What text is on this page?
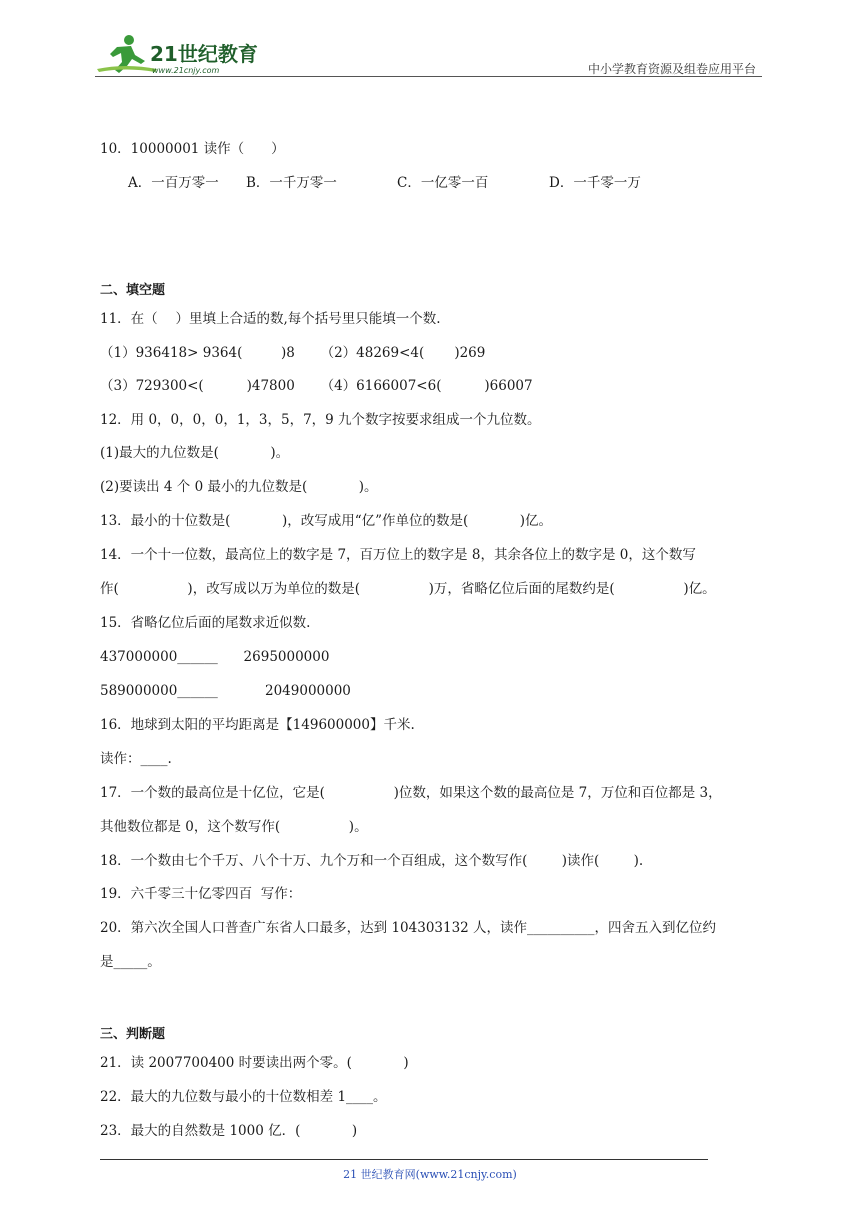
21世纪教育
www.21cnjy.com	中小学教育资源及组卷应用平台
10．10000001 读作（　　）
A．一百万零一 B．一千万零一	C．一亿零一百	D．一千零一万
二、填空题
11．在（　 ）里填上合适的数,每个括号里只能填一个数.
（1）936418> 9364(         )8      （2）48269<4(       )269
（3）729300<(          )47800      （4）6166007<6(          )66007
12．用 0，0，0，0，1，3，5，7，9 九个数字按要求组成一个九位数。
(1)最大的九位数是(            )。
(2)要读出 4 个 0 最小的九位数是(            )。
13．最小的十位数是(            )，改写成用“亿”作单位的数是(            )亿。
14．一个十一位数，最高位上的数字是 7，百万位上的数字是 8，其余各位上的数字是 0，这个数写
作(                )，改写成以万为单位的数是(                )万，省略亿位后面的尾数约是(                )亿。
15．省略亿位后面的尾数求近似数.
437000000______      2695000000
589000000______           2049000000
16．地球到太阳的平均距离是【149600000】千米.
读作：____.
17．一个数的最高位是十亿位，它是(                )位数，如果这个数的最高位是 7，万位和百位都是 3，
其他数位都是 0，这个数写作(                )。
18．一个数由七个千万、八个十万、九个万和一个百组成，这个数写作(        )读作(        ).
19．六千零三十亿零四百  写作：
20．第六次全国人口普查广东省人口最多，达到 104303132 人，读作__________，四舍五入到亿位约
是_____。
三、判断题
21．读 2007700400 时要读出两个零。(            )
22．最大的九位数与最小的十位数相差 1____。
23．最大的自然数是 1000 亿．(            )
21 世纪教育网(www.21cnjy.com)
